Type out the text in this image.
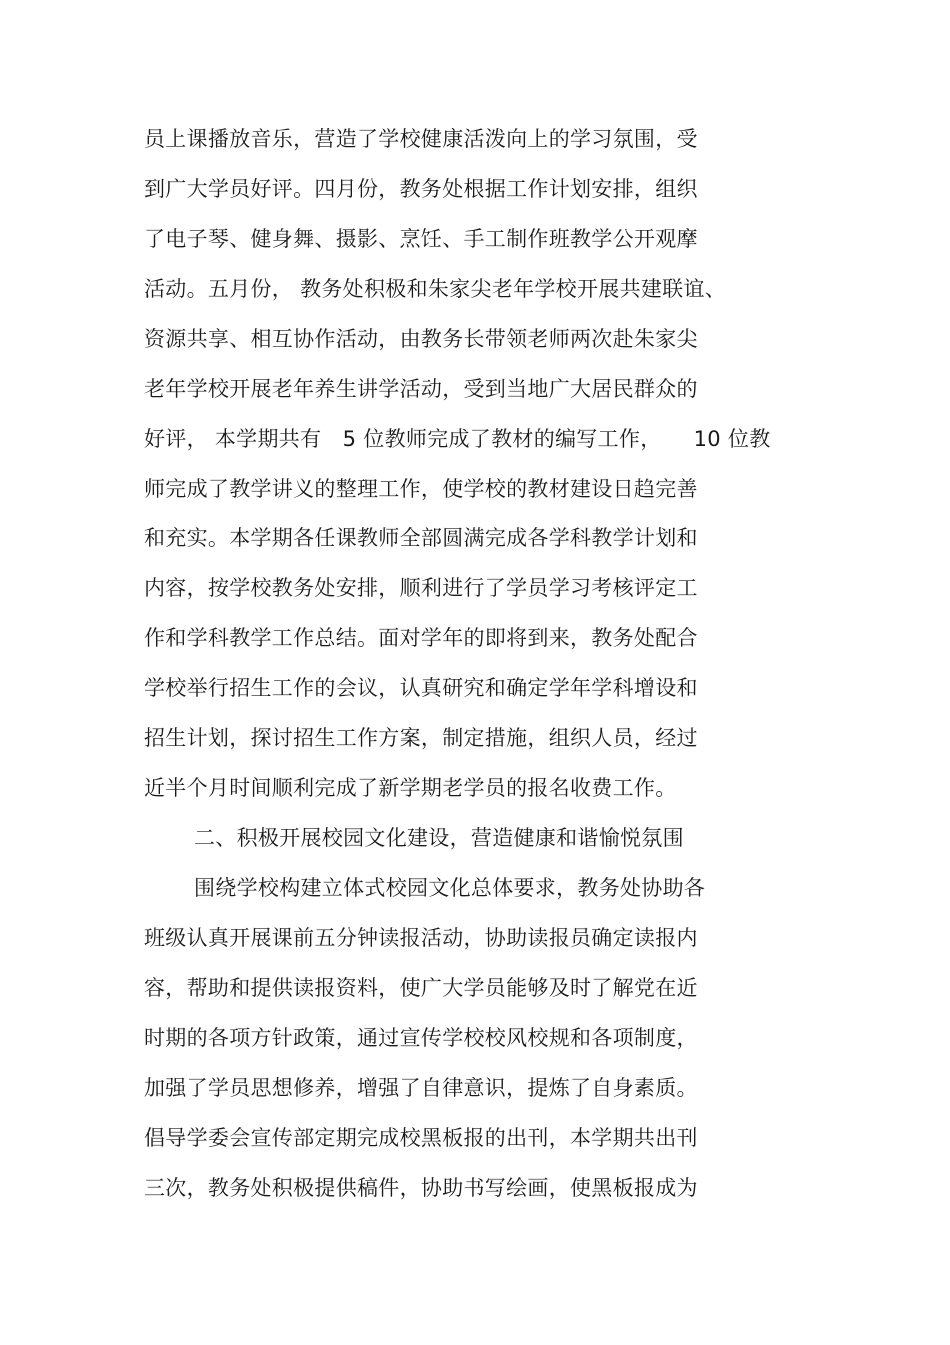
员上课播放音乐，营造了学校健康活泼向上的学习氛围，受
到广大学员好评。四月份，教务处根据工作计划安排，组织
了电子琴、健身舞、摄影、烹饪、手工制作班教学公开观摩
活动。五月份， 教务处积极和朱家尖老年学校开展共建联谊、
资源共享、相互协作活动，由教务长带领老师两次赴朱家尖
老年学校开展老年养生讲学活动，受到当地广大居民群众的
好评， 本学期共有　5 位教师完成了教材的编写工作，　　10 位教
师完成了教学讲义的整理工作，使学校的教材建设日趋完善
和充实。本学期各任课教师全部圆满完成各学科教学计划和
内容，按学校教务处安排，顺利进行了学员学习考核评定工
作和学科教学工作总结。面对学年的即将到来，教务处配合
学校举行招生工作的会议，认真研究和确定学年学科增设和
招生计划，探讨招生工作方案，制定措施，组织人员，经过
近半个月时间顺利完成了新学期老学员的报名收费工作。
二、积极开展校园文化建设，营造健康和谐愉悦氛围
围绕学校构建立体式校园文化总体要求，教务处协助各
班级认真开展课前五分钟读报活动，协助读报员确定读报内
容，帮助和提供读报资料，使广大学员能够及时了解党在近
时期的各项方针政策，通过宣传学校校风校规和各项制度，
加强了学员思想修养，增强了自律意识，提炼了自身素质。
倡导学委会宣传部定期完成校黑板报的出刊，本学期共出刊
三次，教务处积极提供稿件，协助书写绘画，使黑板报成为
